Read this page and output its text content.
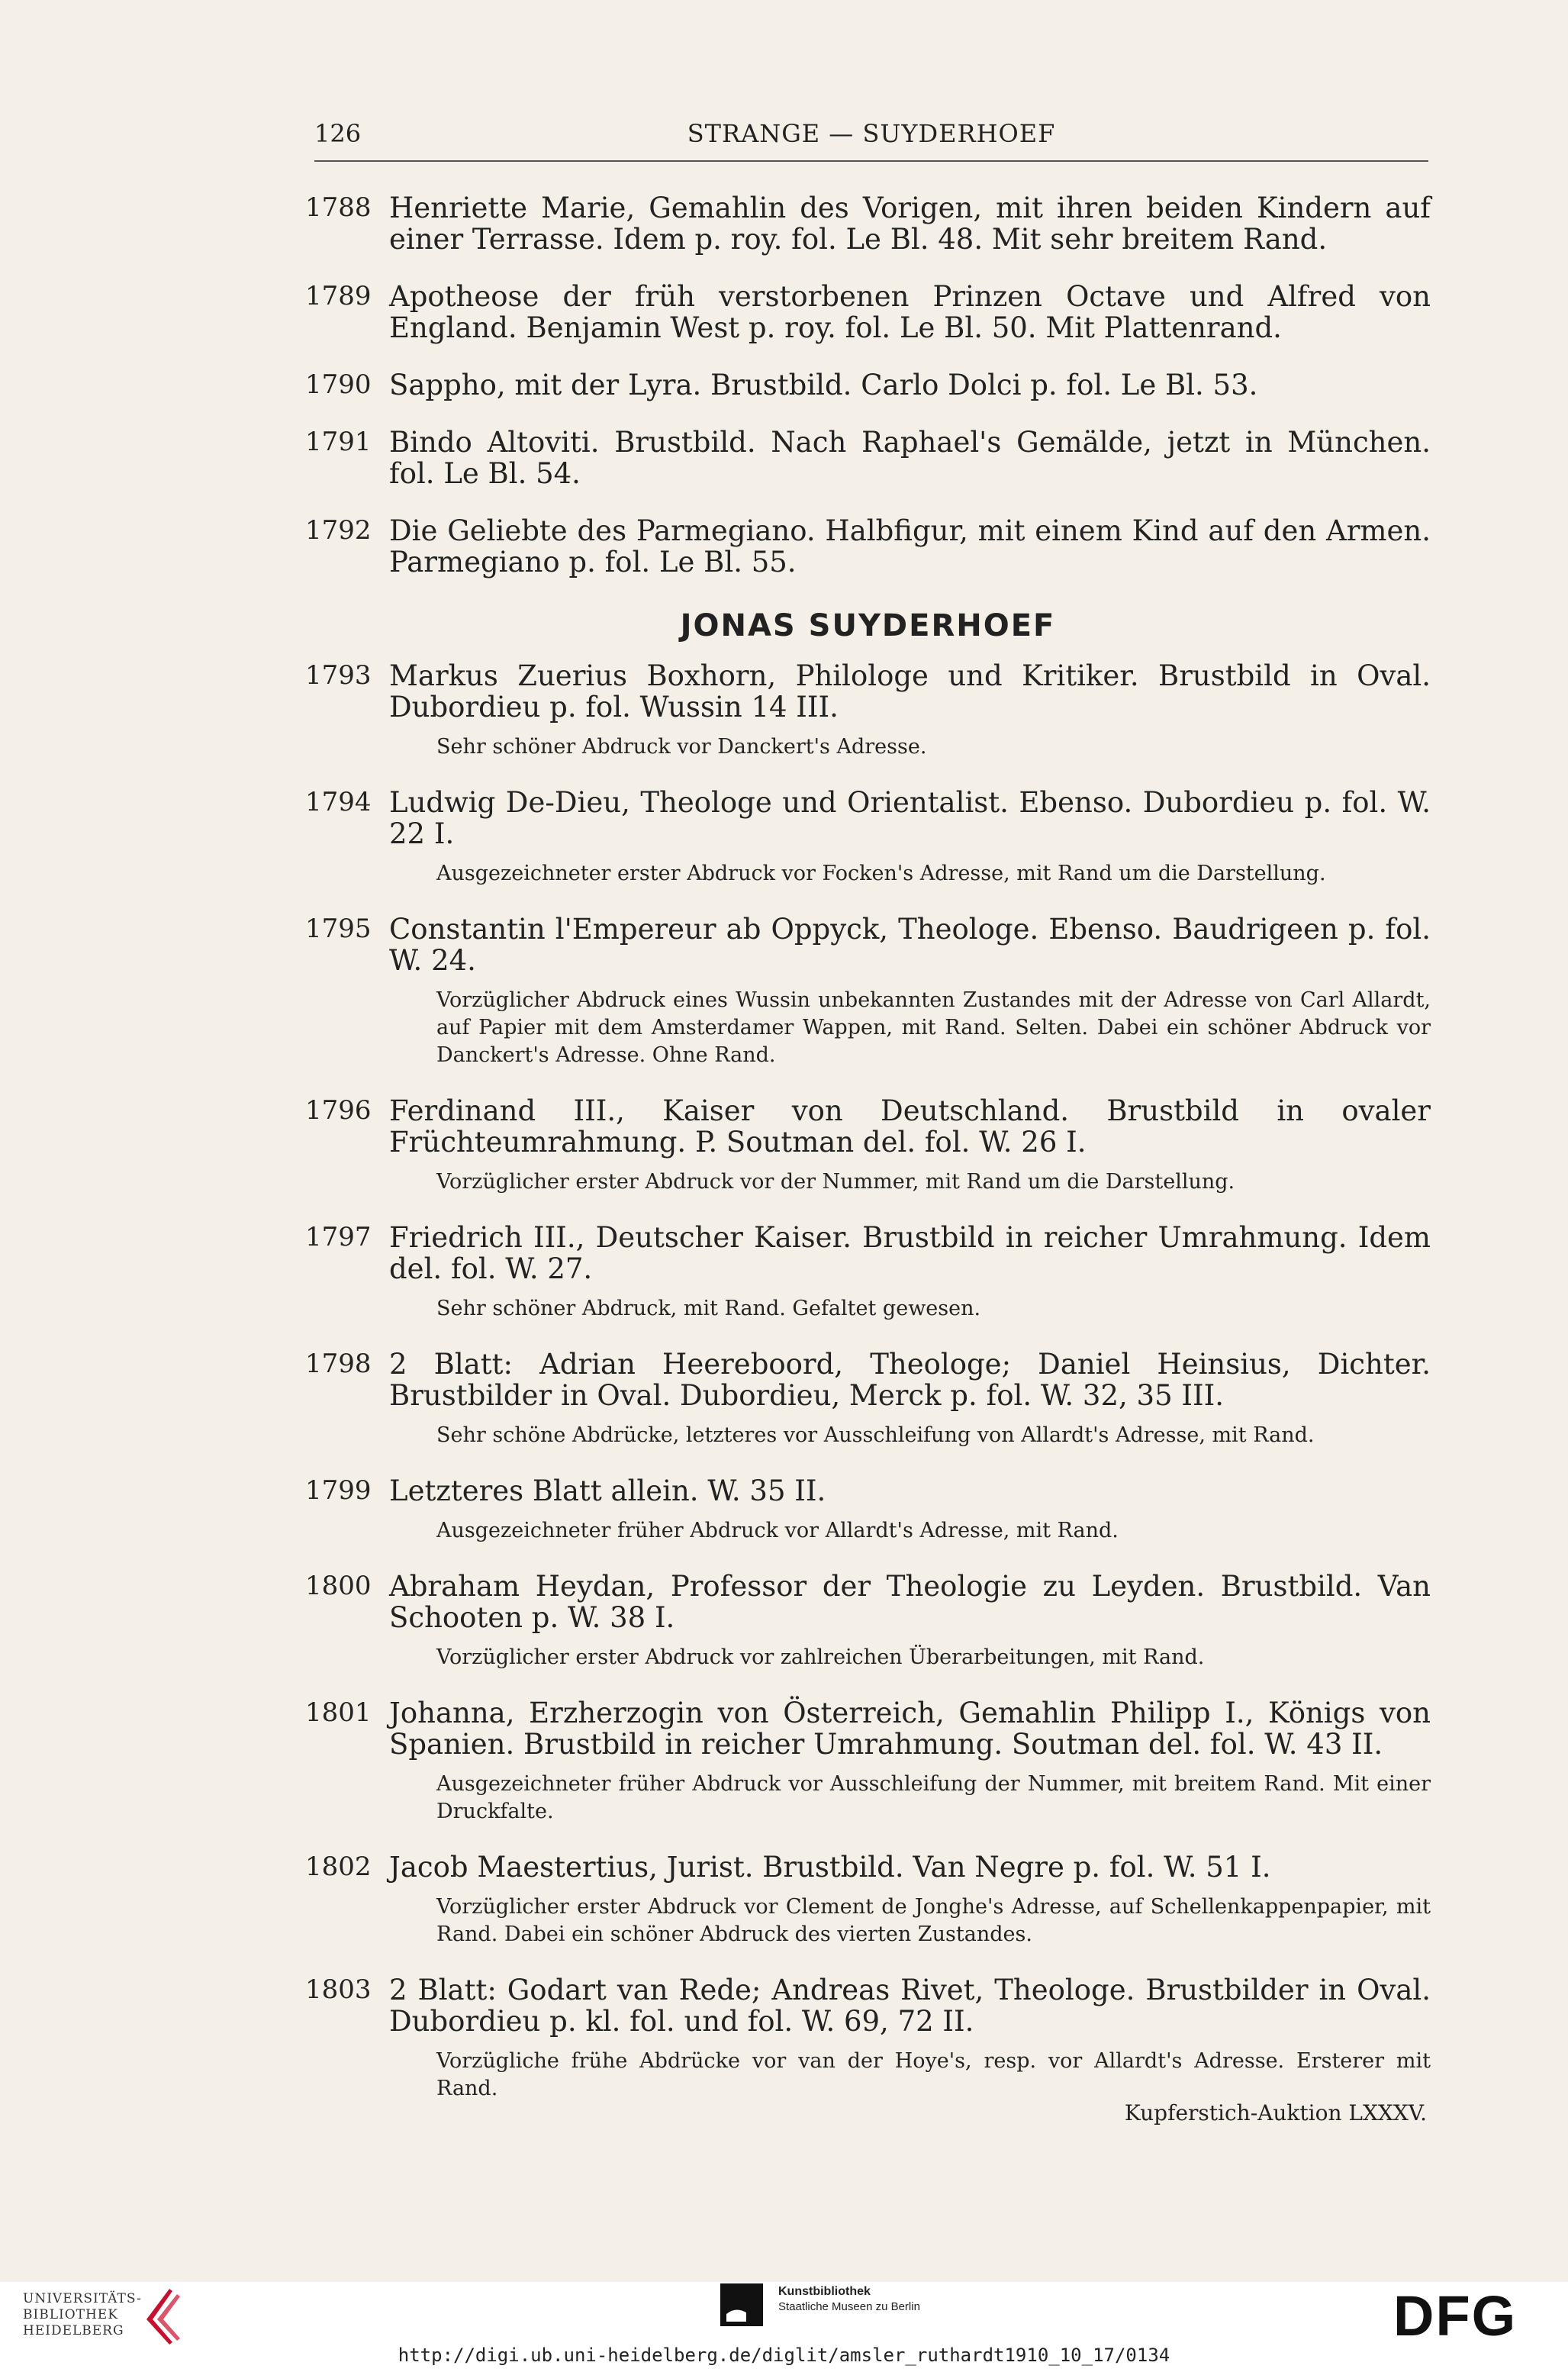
126	STRANGE — SUYDERHOEF
1788 Henriette Marie, Gemahlin des Vorigen, mit ihren beiden Kindern auf einer Terrasse. Idem p. roy. fol. Le Bl. 48. Mit sehr breitem Rand.
1789 Apotheose der früh verstorbenen Prinzen Octave und Alfred von England. Benjamin West p. roy. fol. Le Bl. 50. Mit Plattenrand.
1790 Sappho, mit der Lyra. Brustbild. Carlo Dolci p. fol. Le Bl. 53.
1791 Bindo Altoviti. Brustbild. Nach Raphael's Gemälde, jetzt in München. fol. Le Bl. 54.
1792 Die Geliebte des Parmegiano. Halbfigur, mit einem Kind auf den Armen. Parmegiano p. fol. Le Bl. 55.
JONAS SUYDERHOEF
1793 Markus Zuerius Boxhorn, Philologe und Kritiker. Brustbild in Oval. Dubordieu p. fol. Wussin 14 III.
Sehr schöner Abdruck vor Danckert's Adresse.
1794 Ludwig De-Dieu, Theologe und Orientalist. Ebenso. Dubordieu p. fol. W. 22 I.
Ausgezeichneter erster Abdruck vor Focken's Adresse, mit Rand um die Darstellung.
1795 Constantin l'Empereur ab Oppyck, Theologe. Ebenso. Baudrigeen p. fol. W. 24.
Vorzüglicher Abdruck eines Wussin unbekannten Zustandes mit der Adresse von Carl Allardt, auf Papier mit dem Amsterdamer Wappen, mit Rand. Selten. Dabei ein schöner Abdruck vor Danckert's Adresse. Ohne Rand.
1796 Ferdinand III., Kaiser von Deutschland. Brustbild in ovaler Früchteumrahmung. P. Soutman del. fol. W. 26 I.
Vorzüglicher erster Abdruck vor der Nummer, mit Rand um die Darstellung.
1797 Friedrich III., Deutscher Kaiser. Brustbild in reicher Umrahmung. Idem del. fol. W. 27.
Sehr schöner Abdruck, mit Rand. Gefaltet gewesen.
1798 2 Blatt: Adrian Heereboord, Theologe; Daniel Heinsius, Dichter. Brustbilder in Oval. Dubordieu, Merck p. fol. W. 32, 35 III.
Sehr schöne Abdrücke, letzteres vor Ausschleifung von Allardt's Adresse, mit Rand.
1799 Letzteres Blatt allein. W. 35 II.
Ausgezeichneter früher Abdruck vor Allardt's Adresse, mit Rand.
1800 Abraham Heydan, Professor der Theologie zu Leyden. Brustbild. Van Schooten p. W. 38 I.
Vorzüglicher erster Abdruck vor zahlreichen Überarbeitungen, mit Rand.
1801 Johanna, Erzherzogin von Österreich, Gemahlin Philipp I., Königs von Spanien. Brustbild in reicher Umrahmung. Soutman del. fol. W. 43 II.
Ausgezeichneter früher Abdruck vor Ausschleifung der Nummer, mit breitem Rand. Mit einer Druckfalte.
1802 Jacob Maestertius, Jurist. Brustbild. Van Negre p. fol. W. 51 I.
Vorzüglicher erster Abdruck vor Clement de Jonghe's Adresse, auf Schellenkappenpapier, mit Rand. Dabei ein schöner Abdruck des vierten Zustandes.
1803 2 Blatt: Godart van Rede; Andreas Rivet, Theologe. Brustbilder in Oval. Dubordieu p. kl. fol. und fol. W. 69, 72 II.
Vorzügliche frühe Abdrücke vor van der Hoye's, resp. vor Allardt's Adresse. Ersterer mit Rand.
Kupferstich-Auktion LXXXV.
UNIVERSITÄTS-
BIBLIOTHEK
HEIDELBERG
Kunstbibliothek
Staatliche Museen zu Berlin	DFG
http://digi.ub.uni-heidelberg.de/diglit/amsler_ruthardt1910_10_17/0134
